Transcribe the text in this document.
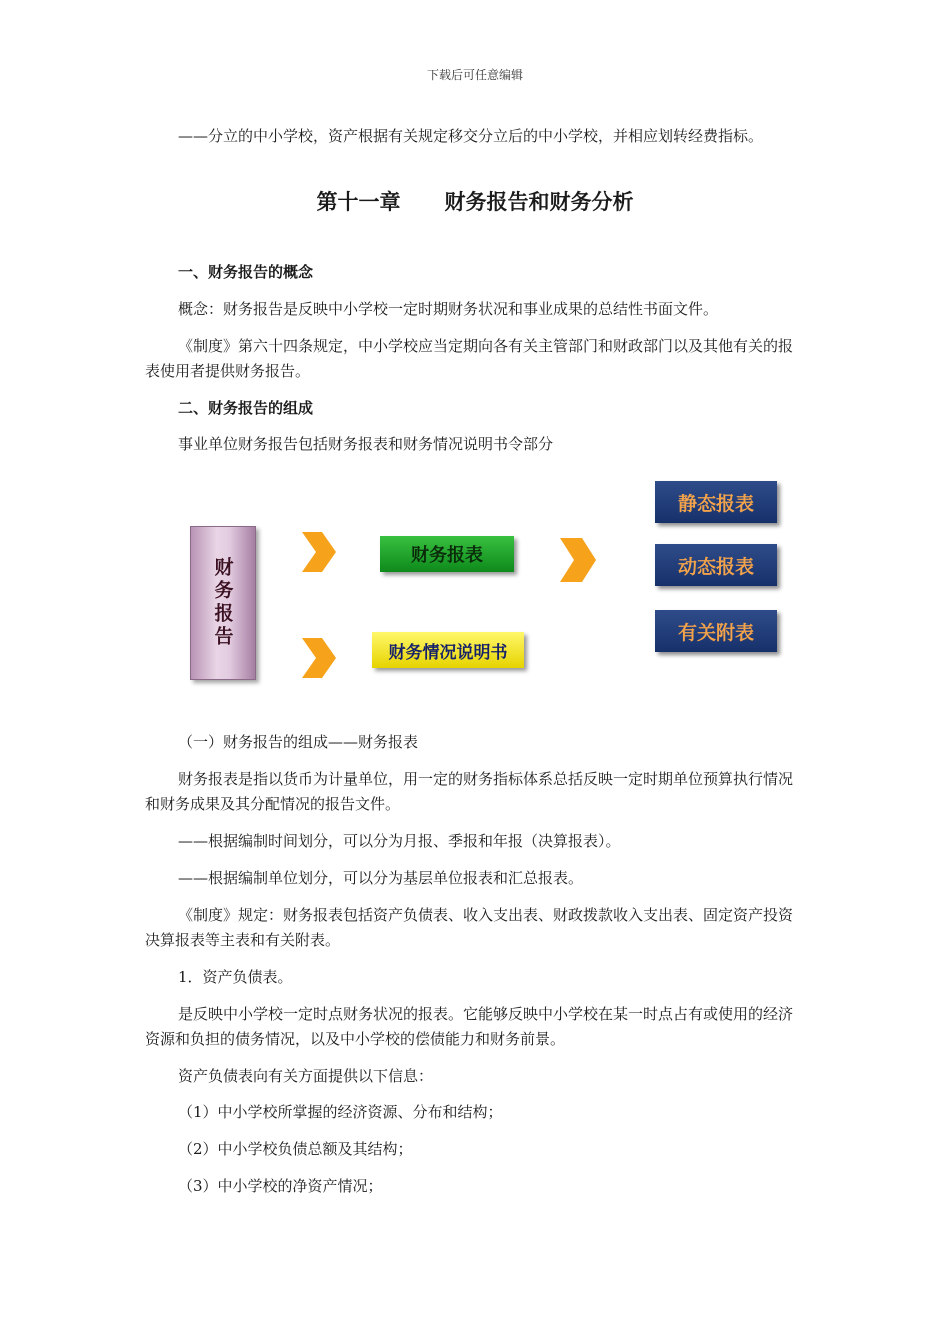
下载后可任意编辑

——分立的中小学校，资产根据有关规定移交分立后的中小学校，并相应划转经费指标。

第十一章 财务报告和财务分析

一、财务报告的概念

概念：财务报告是反映中小学校一定时期财务状况和事业成果的总结性书面文件。

《制度》第六十四条规定，中小学校应当定期向各有关主管部门和财政部门以及其他有关的报表使用者提供财务报告。

二、财务报告的组成

事业单位财务报告包括财务报表和财务情况说明书令部分

财务报告
财务报表
财务情况说明书
静态报表
动态报表
有关附表

（一）财务报告的组成——财务报表

财务报表是指以货币为计量单位，用一定的财务指标体系总括反映一定时期单位预算执行情况和财务成果及其分配情况的报告文件。

——根据编制时间划分，可以分为月报、季报和年报（决算报表）。

——根据编制单位划分，可以分为基层单位报表和汇总报表。

《制度》规定：财务报表包括资产负债表、收入支出表、财政拨款收入支出表、固定资产投资决算报表等主表和有关附表。

1．资产负债表。

是反映中小学校一定时点财务状况的报表。它能够反映中小学校在某一时点占有或使用的经济资源和负担的债务情况，以及中小学校的偿债能力和财务前景。

资产负债表向有关方面提供以下信息：

（1）中小学校所掌握的经济资源、分布和结构；

（2）中小学校负债总额及其结构；

（3）中小学校的净资产情况；
